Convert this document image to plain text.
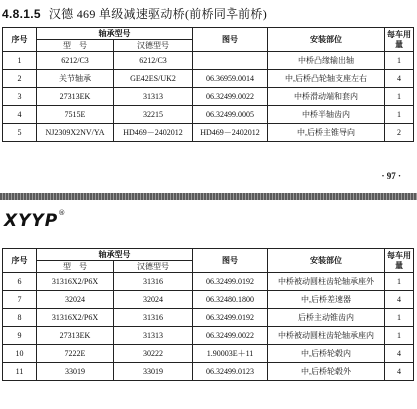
4.8.1.5 汉德 469 单级减速驱动桥(前桥同후前桥)
序号	轴承型号		图号	安装部位	每车用量
	型　号	汉德型号			
1	6212/C3	6212/C3		中桥凸缘输出轴	1
2	关节轴承	GE42ES/UK2	06.36959.0014	中,后桥凸轮轴支座左右	4
3	27313EK	31313	06.32499.0022	中桥滑动端和套内	1
4	7515E	32215	06.32499.0005	中桥半轴齿内	1
5	NJ2309X2NV/YA	HD469－2402012	HD469－2402012	中,后桥主锥导向	2
· 97 ·
XYYP®
序号	轴承型号		图号	安装部位	每车用量
	型　号	汉德型号			
6	31316X2/P6X	31316	06.32499.0192	中桥被动圆柱齿轮轴承座外	1
7	32024	32024	06.32480.1800	中,后桥差速器	4
8	31316X2/P6X	31316	06.32499.0192	后桥主动锥齿内	1
9	27313EK	31313	06.32499.0022	中桥被动圆柱齿轮轴承座内	1
10	7222E	30222	1.90003E＋11	中,后桥轮毂内	4
11	33019	33019	06.32499.0123	中,后桥轮毂外	4
